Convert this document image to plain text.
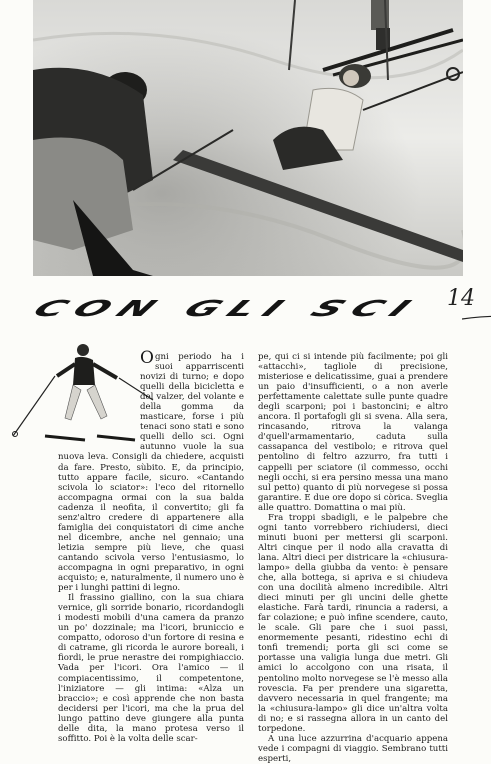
CON GLI SCI 14

Ogni periodo ha i suoi apparriscenti novizi di turno; e dopo quelli della bicicletta e del valzer, del volante e della gomma da masticare, forse i più tenaci sono stati e sono quelli dello sci. Ogni autunno vuole la sua nuova leva. Consigli da chiedere, acquisti da fare. Presto, sùbito. E, da principio, tutto appare facile, sicuro. «Cantando scivola lo sciator»: l'eco del ritornello accompagna ormai con la sua balda cadenza il neofita, il convertito; gli fa senz'altro credere di appartenere alla famiglia dei conquistatori di cime anche nel dicembre, anche nel gennaio; una letizia sempre più lieve, che quasi cantando scivola verso l'entusiasmo, lo accompagna in ogni preparativo, in ogni acquisto; e, naturalmente, il numero uno è per i lunghi pattini di legno.

Il frassino giallino, con la sua chiara vernice, gli sorride bonario, ricordandogli i modesti mobili d'una camera da pranzo un po' dozzinale; ma l'icori, bruniccio e compatto, odoroso d'un fortore di resina e di catrame, gli ricorda le aurore boreali, i fiordi, le prue nerastre dei rompighiaccio. Vada per l'icori. Ora l'amico — il compiacentissimo, il competentone, l'iniziatore — gli intima: «Alza un braccio»; e così apprende che non basta decidersi per l'icori, ma che la prua del lungo pattino deve giungere alla punta delle dita, la mano protesa verso il soffitto. Poi è la volta delle scar-

pe, qui ci si intende più facilmente; poi gli «attacchi», tagliole di precisione, misteriose e delicatissime, guai a prendere un paio d'insufficienti, o a non averle perfettamente calettate sulle punte quadre degli scarponi; poi i bastoncini; e altro ancora. Il portafogli gli si svena. Alla sera, rincasando, ritrova la valanga d'quell'armamentario, caduta sulla cassapanca del vestibolo; e ritrova quel pentolino di feltro azzurro, fra tutti i cappelli per sciatore (il commesso, occhi negli occhi, si era persino messa una mano sul petto) quanto di più norvegese si possa garantire. E due ore dopo si còrica. Sveglia alle quattro. Domattina o mai più.

Fra troppi sbadigli, e le palpebre che ogni tanto vorrebbero richiudersi, dieci minuti buoni per mettersi gli scarponi. Altri cinque per il nodo alla cravatta di lana. Altri dieci per districare la «chiusura-lampo» della giubba da vento: è pensare che, alla bottega, si apriva e si chiudeva con una docilità almeno incredibile. Altri dieci minuti per gli uncini delle ghette elastiche. Farà tardi, rinuncia a radersi, a far colazione; e può infine scendere, cauto, le scale. Gli pare che i suoi passi, enormemente pesanti, ridestino echi di tonfi tremendi; porta gli sci come se portasse una valigia lunga due metri. Gli amici lo accolgono con una risata, il pentolino molto norvegese se l'è messo alla rovescia. Fa per prendere una sigaretta, davvero necessaria in quel frangente; ma la «chiusura-lampo» gli dice un'altra volta di no; e si rassegna allora in un canto del torpedone.

A una luce azzurrina d'acquario appena vede i compagni di viaggio. Sembrano tutti esperti,
